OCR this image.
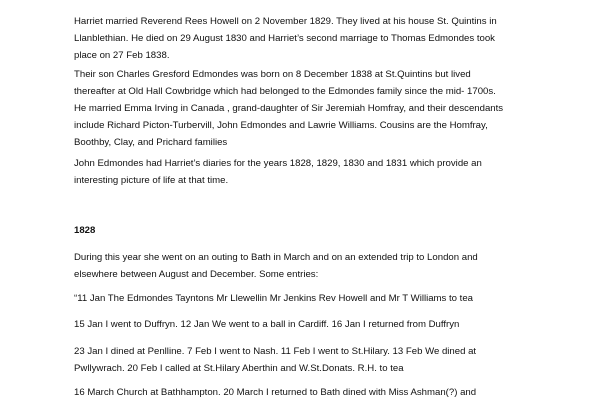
Harriet married Reverend Rees Howell on 2 November 1829. They lived at his house St. Quintins in
Llanblethian. He died on 29 August 1830 and Harriet’s second marriage to Thomas Edmondes took
place on 27 Feb 1838.

Their son Charles Gresford Edmondes was born on 8 December 1838 at St.Quintins but lived
thereafter at Old Hall Cowbridge which had belonged to the Edmondes family since the mid- 1700s.
He married Emma Irving in Canada , grand-daughter of Sir Jeremiah Homfray, and their descendants
include Richard Picton-Turbervill, John Edmondes and Lawrie Williams. Cousins are the Homfray,
Boothby, Clay, and Prichard families

John Edmondes had Harriet’s diaries for the years 1828, 1829, 1830 and 1831 which provide an
interesting picture of life at that time.

1828

During this year she went on an outing to Bath in March and on an extended trip to London and
elsewhere between August and December. Some entries:

“11 Jan The Edmondes Tayntons Mr Llewellin Mr Jenkins Rev Howell and Mr T Williams to tea

15 Jan I went to Duffryn. 12 Jan We went to a ball in Cardiff. 16 Jan I returned from Duffryn

23 Jan I dined at Penlline. 7 Feb I went to Nash. 11 Feb I went to St.Hilary. 13 Feb We dined at
Pwllywrach. 20 Feb I called at St.Hilary Aberthin and W.St.Donats. R.H. to tea

16 March Church at Bathhampton. 20 March I returned to Bath dined with Miss Ashman(?) and
